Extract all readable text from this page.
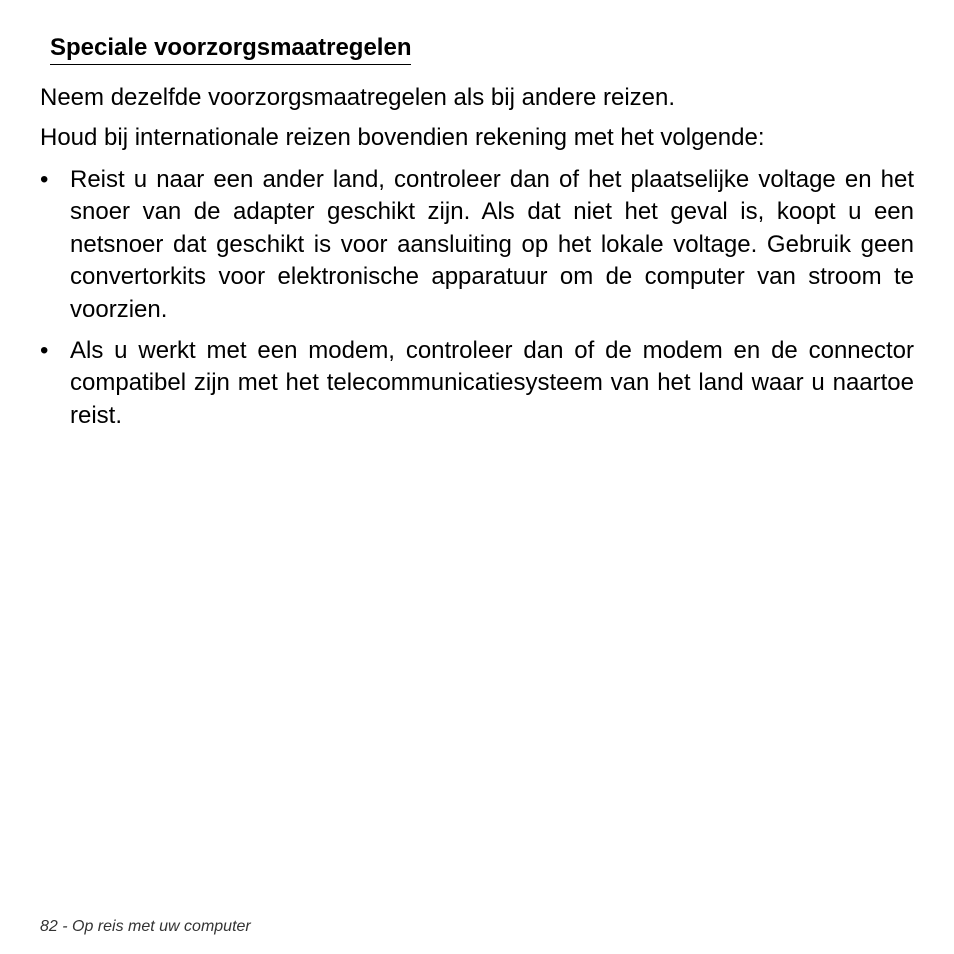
Speciale voorzorgsmaatregelen

Neem dezelfde voorzorgsmaatregelen als bij andere reizen.

Houd bij internationale reizen bovendien rekening met het volgende:

• Reist u naar een ander land, controleer dan of het plaatselijke voltage en het snoer van de adapter geschikt zijn. Als dat niet het geval is, koopt u een netsnoer dat geschikt is voor aansluiting op het lokale voltage. Gebruik geen convertorkits voor elektronische apparatuur om de computer van stroom te voorzien.
• Als u werkt met een modem, controleer dan of de modem en de connector compatibel zijn met het telecommunicatiesysteem van het land waar u naartoe reist.

82 - Op reis met uw computer
